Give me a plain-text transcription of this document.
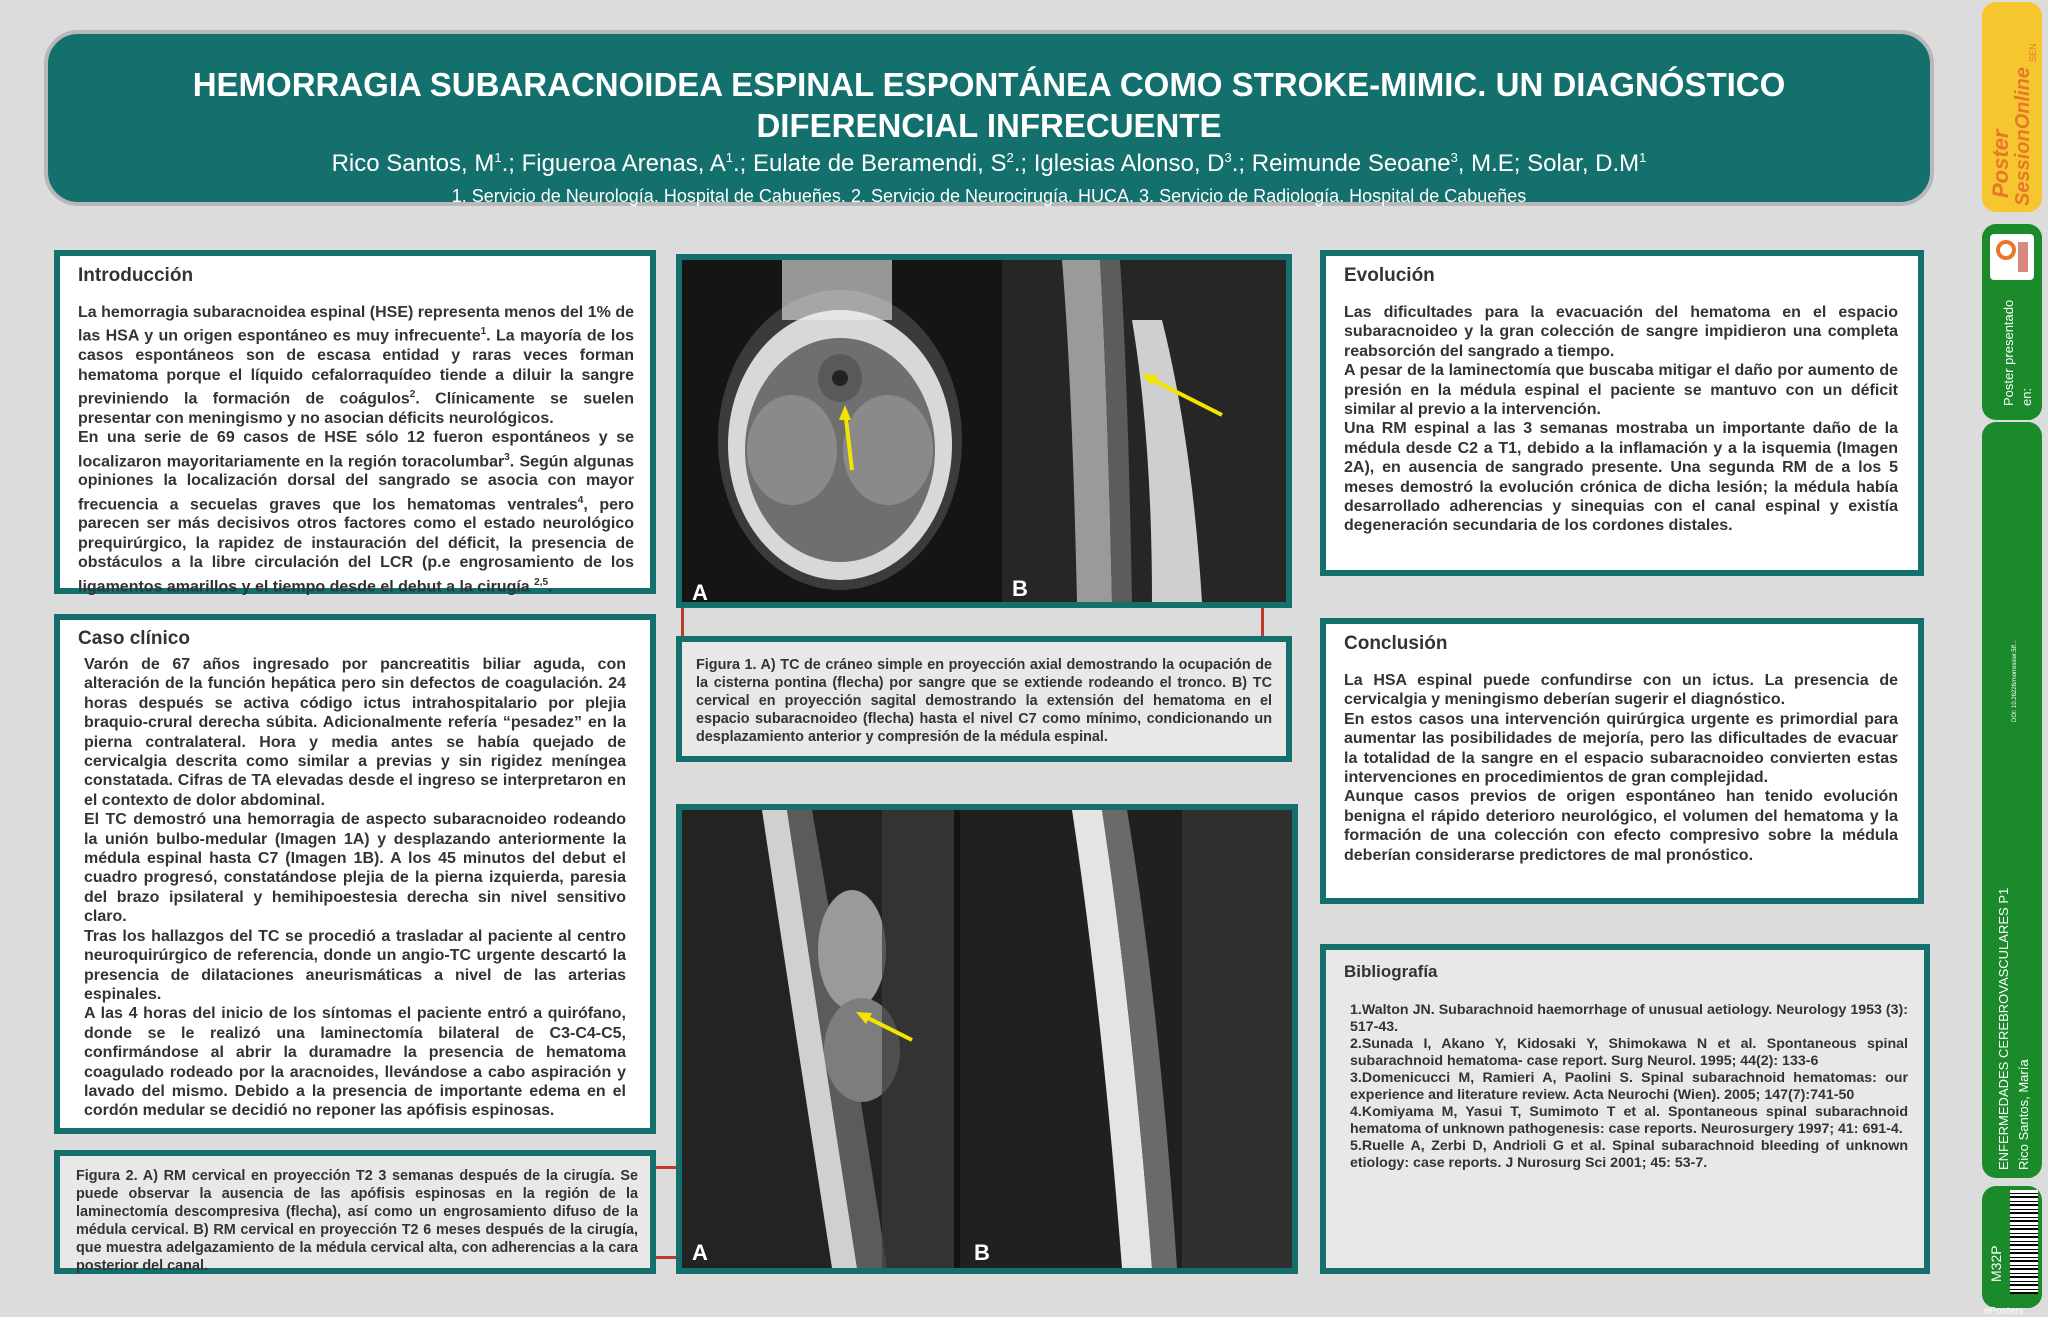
HEMORRAGIA SUBARACNOIDEA ESPINAL ESPONTÁNEA COMO STROKE-MIMIC. UN DIAGNÓSTICO
DIFERENCIAL INFRECUENTE
Rico Santos, $M^1$.; Figueroa Arenas, $A^1$.; Eulate de Beramendi, $S^2$.; Iglesias Alonso, $D^3$.; Reimunde Seoane$^3$, M.E; Solar, $D.M^1$
1. Servicio de Neurología. Hospital de Cabueñes. 2. Servicio de Neurocirugía. HUCA. 3. Servicio de Radiología. Hospital de Cabueñes
Introducción

La hemorragia subaracnoidea espinal (HSE) representa menos del 1% de las HSA y un origen espontáneo es muy infrecuente$^1$. La mayoría de los casos espontáneos son de escasa entidad y raras veces forman hematoma porque el líquido cefalorraquídeo tiende a diluir la sangre previniendo la formación de coágulos$^2$. Clínicamente se suelen presentar con meningismo y no asocian déficits neurológicos.

En una serie de 69 casos de HSE sólo 12 fueron espontáneos y se localizaron mayoritariamente en la región toracolumbar$^3$. Según algunas opiniones la localización dorsal del sangrado se asocia con mayor frecuencia a secuelas graves que los hematomas ventrales$^4$, pero parecen ser más decisivos otros factores como el estado neurológico prequirúrgico, la rapidez de instauración del déficit, la presencia de obstáculos a la libre circulación del LCR (p.e engrosamiento de los ligamentos amarillos y el tiempo desde el debut a la cirugía $^{2,5}$.

Caso clínico

Varón de 67 años ingresado por pancreatitis biliar aguda, con alteración de la función hepática pero sin defectos de coagulación. 24 horas después se activa código ictus intrahospitalario por plejia braquio-crural derecha súbita. Adicionalmente refería “pesadez” en la pierna contralateral. Hora y media antes se había quejado de cervicalgia descrita como similar a previas y sin rigidez meníngea constatada. Cifras de TA elevadas desde el ingreso se interpretaron en el contexto de dolor abdominal.

El TC demostró una hemorragia de aspecto subaracnoideo rodeando la unión bulbo-medular (Imagen 1A) y desplazando anteriormente la médula espinal hasta C7 (Imagen 1B). A los 45 minutos del debut el cuadro progresó, constatándose plejia de la pierna izquierda, paresia del brazo ipsilateral y hemihipoestesia derecha sin nivel sensitivo claro.

Tras los hallazgos del TC se procedió a trasladar al paciente al centro neuroquirúrgico de referencia, donde un angio-TC urgente descartó la presencia de dilataciones aneurismáticas a nivel de las arterias espinales.

A las 4 horas del inicio de los síntomas el paciente entró a quirófano, donde se le realizó una laminectomía bilateral de C3-C4-C5, confirmándose al abrir la duramadre la presencia de hematoma coagulado rodeado por la aracnoides, llevándose a cabo aspiración y lavado del mismo. Debido a la presencia de importante edema en el cordón medular se decidió no reponer las apófisis espinosas.

A	B
Figura 1. A) TC de cráneo simple en proyección axial demostrando la ocupación de la cisterna pontina (flecha) por sangre que se extiende rodeando el tronco. B) TC cervical en proyección sagital demostrando la extensión del hematoma en el espacio subaracnoideo (flecha) hasta el nivel C7 como mínimo, condicionando un desplazamiento anterior y compresión de la médula espinal.
A	B
Figura 2. A) RM cervical en proyección T2 3 semanas después de la cirugía. Se puede observar la ausencia de las apófisis espinosas en la región de la laminectomía descompresiva (flecha), así como un engrosamiento difuso de la médula cervical. B) RM cervical en proyección T2 6 meses después de la cirugía, que muestra adelgazamiento de la médula cervical alta, con adherencias a la cara posterior del canal.
Evolución

Las dificultades para la evacuación del hematoma en el espacio subaracnoideo y la gran colección de sangre impidieron una completa reabsorción del sangrado a tiempo.

A pesar de la laminectomía que buscaba mitigar el daño por aumento de presión en la médula espinal el paciente se mantuvo con un déficit similar al previo a la intervención.

Una RM espinal a las 3 semanas mostraba un importante daño de la médula desde C2 a T1, debido a la inflamación y a la isquemia (Imagen 2A), en ausencia de sangrado presente. Una segunda RM de a los 5 meses demostró la evolución crónica de dicha lesión; la médula había desarrollado adherencias y sinequias con el canal espinal y existía degeneración secundaria de los cordones distales.

Conclusión

La HSA espinal puede confundirse con un ictus. La presencia de cervicalgia y meningismo deberían sugerir el diagnóstico.

En estos casos una intervención quirúrgica urgente es primordial para aumentar las posibilidades de mejoría, pero las dificultades de evacuar la totalidad de la sangre en el espacio subaracnoideo convierten estas intervenciones en procedimientos de gran complejidad.

Aunque casos previos de origen espontáneo han tenido evolución benigna el rápido deterioro neurológico, el volumen del hematoma y la formación de una colección con efecto compresivo sobre la médula deberían considerarse predictores de mal pronóstico.

Bibliografía
1.Walton JN. Subarachnoid haemorrhage of unusual aetiology. Neurology 1953 (3): 517-43.
2.Sunada I, Akano Y, Kidosaki Y, Shimokawa N et al. Spontaneous spinal subarachnoid hematoma- case report. Surg Neurol. 1995; 44(2): 133-6
3.Domenicucci M, Ramieri A, Paolini S. Spinal subarachnoid hematomas: our experience and literature review. Acta Neurochi (Wien). 2005; 147(7):741-50
4.Komiyama M, Yasui T, Sumimoto T et al. Spontaneous spinal subarachnoid hematoma of unknown pathogenesis: case reports. Neurosurgery 1997; 41: 691-4.
5.Ruelle A, Zerbi D, Andrioli G et al. Spinal subarachnoid bleeding of unknown etiology: case reports. J Nurosurg Sci 2001; 45: 53-7.
Poster SessionOnline
SEN
Poster presentado en:
DOI: 10.26226/morressier.5ff...
ENFERMEDADES CEREBROVASCULARES P1 Rico Santos, María
M32P
ePosters
